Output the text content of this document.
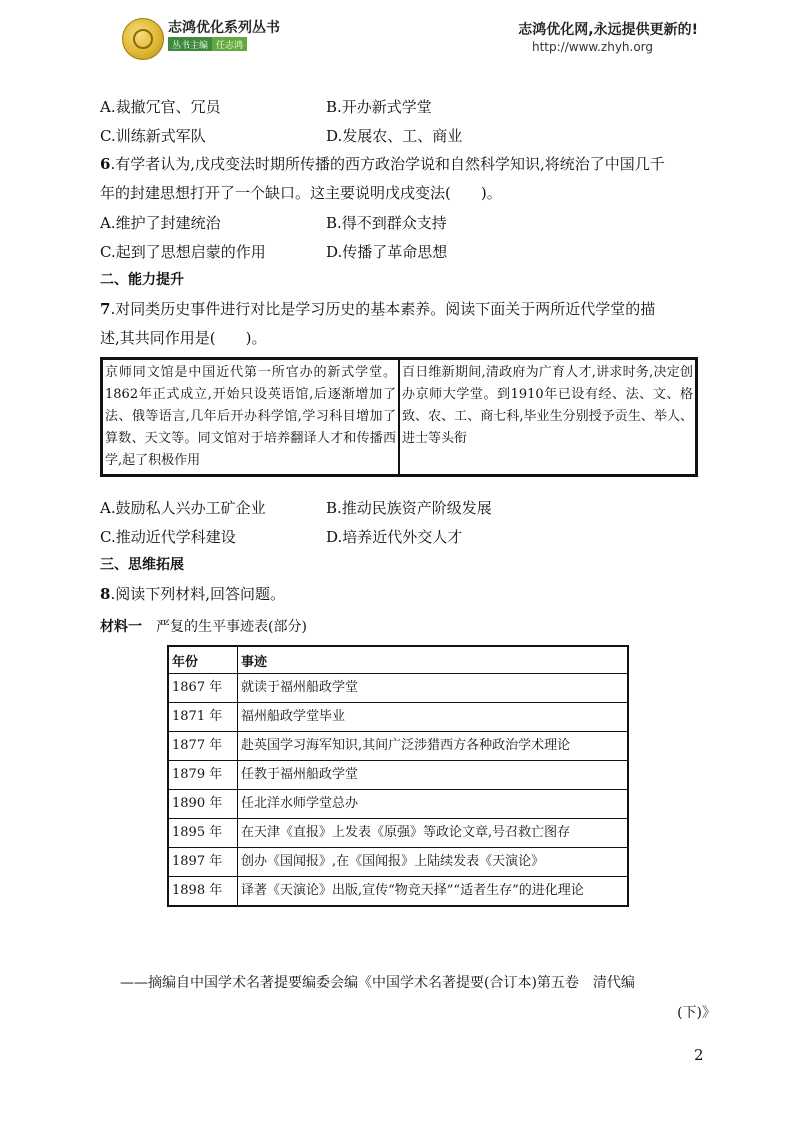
志鸿优化系列丛书
丛书主编 任志鸿
志鸿优化网,永远提供更新的!
http://www.zhyh.org
A.裁撤冗官、冗员	B.开办新式学堂
C.训练新式军队	D.发展农、工、商业
6.有学者认为,戊戌变法时期所传播的西方政治学说和自然科学知识,将统治了中国几千
年的封建思想打开了一个缺口。这主要说明戊戌变法(　　)。
A.维护了封建统治	B.得不到群众支持
C.起到了思想启蒙的作用	D.传播了革命思想
二、能力提升
7.对同类历史事件进行对比是学习历史的基本素养。阅读下面关于两所近代学堂的描
述,其共同作用是(　　)。
京师同文馆是中国近代第一所官办的新式学堂。1862年正式成立,开始只设英语馆,后逐渐增加了法、俄等语言,几年后开办科学馆,学习科目增加了算数、天文等。同文馆对于培养翻译人才和传播西学,起了积极作用	百日维新期间,清政府为广育人才,讲求时务,决定创办京师大学堂。到1910年已设有经、法、文、格致、农、工、商七科,毕业生分别授予贡生、举人、进士等头衔
A.鼓励私人兴办工矿企业	B.推动民族资产阶级发展
C.推动近代学科建设	D.培养近代外交人才
三、思维拓展
8.阅读下列材料,回答问题。
材料一 严复的生平事迹表(部分)
年份	事迹
1867 年	就读于福州船政学堂
1871 年	福州船政学堂毕业
1877 年	赴英国学习海军知识,其间广泛涉猎西方各种政治学术理论
1879 年	任教于福州船政学堂
1890 年	任北洋水师学堂总办
1895 年	在天津《直报》上发表《原强》等政论文章,号召救亡图存
1897 年	创办《国闻报》,在《国闻报》上陆续发表《天演论》
1898 年	译著《天演论》出版,宣传“物竞天择”“适者生存”的进化理论
——摘编自中国学术名著提要编委会编《中国学术名著提要(合订本)第五卷　清代编
(下)》
2
